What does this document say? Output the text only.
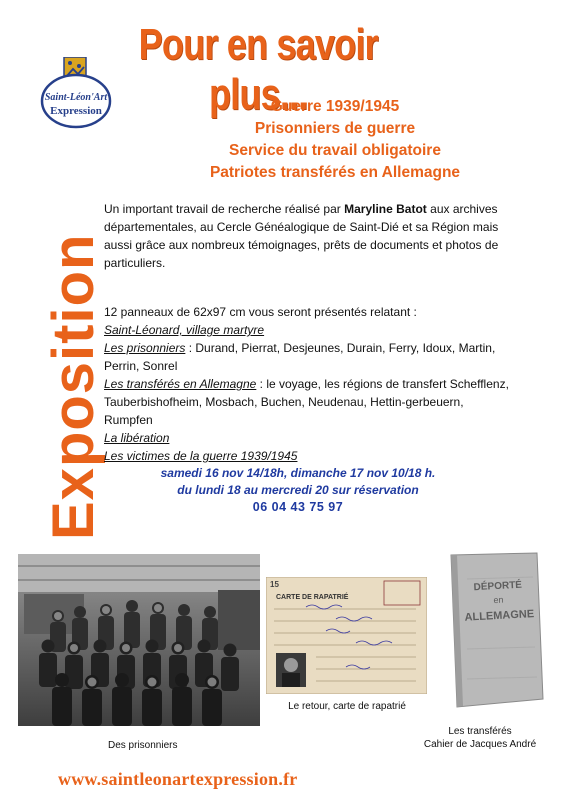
Pour en savoir plus...
Saint-Léon'Art
Expression
Exposition
Guerre 1939/1945
Prisonniers de guerre
Service du travail obligatoire
Patriotes transférés en Allemagne
Un important travail de recherche réalisé par Maryline Batot aux archives départementales, au Cercle Généalogique de Saint-Dié et sa Région mais aussi grâce aux nombreux témoignages, prêts de documents et photos de particuliers.
12 panneaux de 62x97 cm vous seront présentés relatant :
Saint-Léonard, village martyre
Les prisonniers : Durand, Pierrat, Desjeunes, Durain, Ferry, Idoux, Martin, Perrin, Sonrel
Les transférés en Allemagne : le voyage, les régions de transfert Schefflenz, Tauberbishofheim, Mosbach, Buchen, Neudenau, Hettin-gerbeuern, Rumpfen
La libération
Les victimes de la guerre 1939/1945
samedi 16 nov 14/18h, dimanche 17 nov 10/18 h.
du lundi 18 au mercredi 20 sur réservation
06 04 43 75 97
15
CARTE DE RAPATRIÉ
DÉPORTÉ
en
ALLEMAGNE
Des prisonniers
Le retour, carte de rapatrié
Les transférés
Cahier de Jacques André
www.saintleonartexpression.fr
